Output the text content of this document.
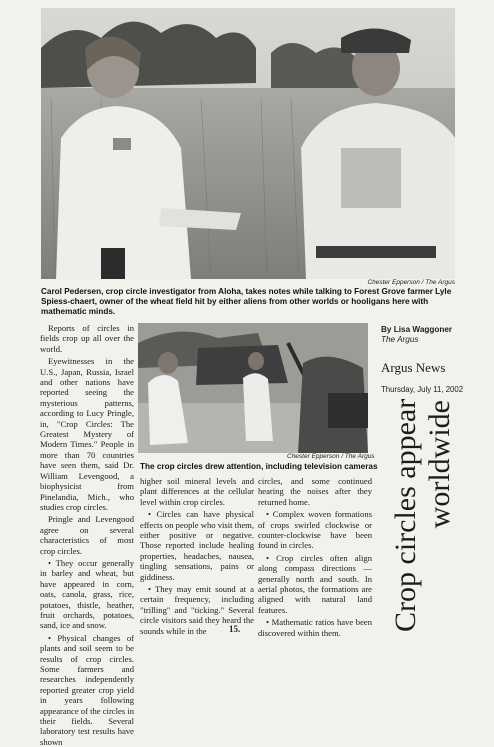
Chester Epperson / The Argus
Carol Pedersen, crop circle investigator from Aloha, takes notes while talking to Forest Grove farmer Lyle Spiess-chaert, owner of the wheat field hit by either aliens from other worlds or hooligans here with mathematic minds.
Chester Epperson / The Argus
The crop circles drew attention, including television cameras
By Lisa Waggoner
The Argus
Argus News
Thursday, July 11, 2002
Crop circles appear worldwide

Reports of circles in fields crop up all over the world.

Eyewitnesses in the U.S., Japan, Russia, Israel and other nations have reported seeing the mysterious patterns, according to Lucy Pringle, in, "Crop Circles: The Greatest Mystery of Modern Times." People in more than 70 countries have seen them, said Dr. William Levengood, a biophysicist from Pinelandia, Mich., who studies crop circles.

Pringle and Levengood agree on several characteristics of most crop circles.

• They occur generally in barley and wheat, but have appeared in corn, oats, canola, grass, rice, potatoes, thistle, heather, fruit orchards, potatoes, sand, ice and snow.

• Physical changes of plants and soil seem to be results of crop circles. Some farmers and researches independently reported greater crop yield in years following appearance of the circles in their fields. Several laboratory test results have shown

higher soil mineral levels and plant differences at the cellular level within crop circles.

• Circles can have physical effects on people who visit them, either positive or negative. Those reported include healing properties, headaches, nausea, tingling sensations, pains or giddiness.

• They may emit sound at a certain frequency, including "trilling" and "ticking." Several circle visitors said they heard the sounds while in the

circles, and some continued hearing the noises after they returned home.

• Complex woven formations of crops swirled clockwise or counter-clockwise have been found in circles.

• Crop circles often align along compass directions — generally north and south. In aerial photos, the formations are aligned with natural land features.

• Mathematic ratios have been discovered within them.

15.
